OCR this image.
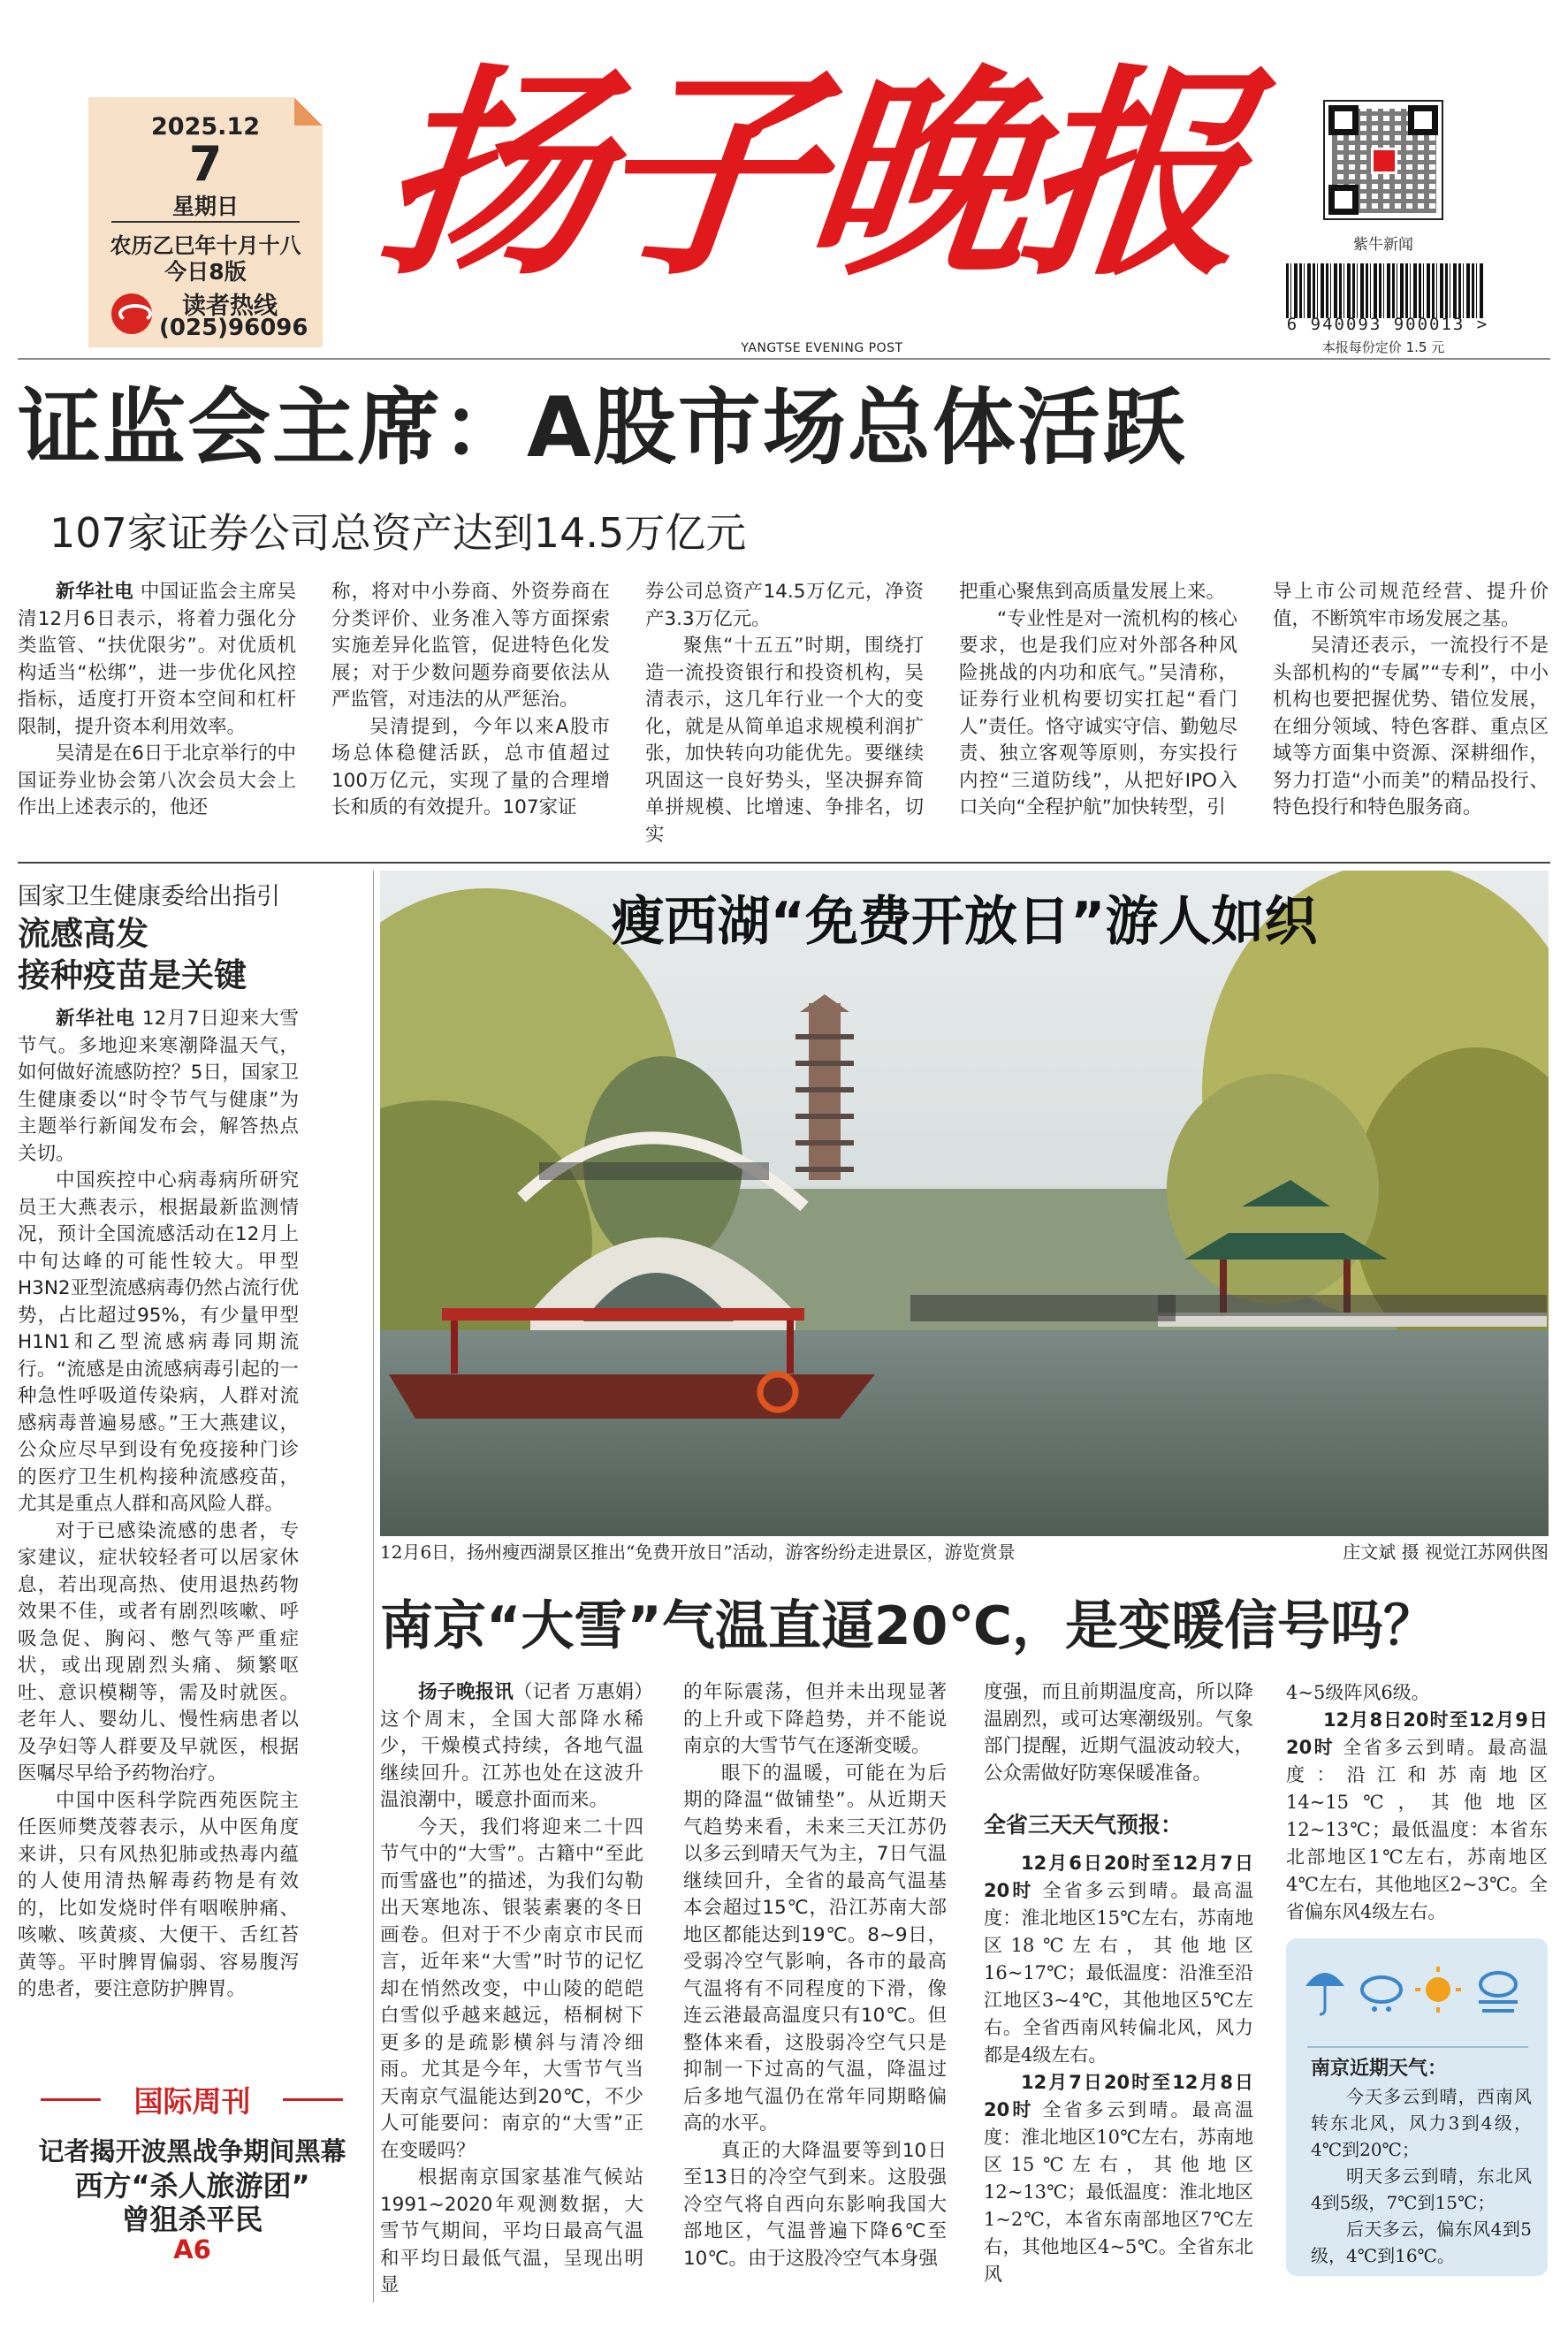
2025.12
7
星期日
农历乙巳年十月十八
今日8版
读者热线
(025)96096
扬子晚报
YANGTSE EVENING POST
紫牛新闻
6 940093 900013 >
本报每份定价 1.5 元
证监会主席：A股市场总体活跃
107家证券公司总资产达到14.5万亿元

新华社电 中国证监会主席吴清12月6日表示，将着力强化分类监管、“扶优限劣”。对优质机构适当“松绑”，进一步优化风控指标，适度打开资本空间和杠杆限制，提升资本利用效率。

吴清是在6日于北京举行的中国证券业协会第八次会员大会上作出上述表示的，他还

称，将对中小券商、外资券商在分类评价、业务准入等方面探索实施差异化监管，促进特色化发展；对于少数问题券商要依法从严监管，对违法的从严惩治。

吴清提到，今年以来A股市场总体稳健活跃，总市值超过100万亿元，实现了量的合理增长和质的有效提升。107家证

券公司总资产14.5万亿元，净资产3.3万亿元。

聚焦“十五五”时期，围绕打造一流投资银行和投资机构，吴清表示，这几年行业一个大的变化，就是从简单追求规模利润扩张，加快转向功能优先。要继续巩固这一良好势头，坚决摒弃简单拼规模、比增速、争排名，切实

把重心聚焦到高质量发展上来。

“专业性是对一流机构的核心要求，也是我们应对外部各种风险挑战的内功和底气。”吴清称，证券行业机构要切实扛起“看门人”责任。恪守诚实守信、勤勉尽责、独立客观等原则，夯实投行内控“三道防线”，从把好IPO入口关向“全程护航”加快转型，引

导上市公司规范经营、提升价值，不断筑牢市场发展之基。

吴清还表示，一流投行不是头部机构的“专属”“专利”，中小机构也要把握优势、错位发展，在细分领域、特色客群、重点区域等方面集中资源、深耕细作，努力打造“小而美”的精品投行、特色投行和特色服务商。

国家卫生健康委给出指引
流感高发
接种疫苗是关键

新华社电 12月7日迎来大雪节气。多地迎来寒潮降温天气，如何做好流感防控？5日，国家卫生健康委以“时令节气与健康”为主题举行新闻发布会，解答热点关切。

中国疾控中心病毒病所研究员王大燕表示，根据最新监测情况，预计全国流感活动在12月上中旬达峰的可能性较大。甲型H3N2亚型流感病毒仍然占流行优势，占比超过95%，有少量甲型H1N1和乙型流感病毒同期流行。“流感是由流感病毒引起的一种急性呼吸道传染病，人群对流感病毒普遍易感。”王大燕建议，公众应尽早到设有免疫接种门诊的医疗卫生机构接种流感疫苗，尤其是重点人群和高风险人群。

对于已感染流感的患者，专家建议，症状较轻者可以居家休息，若出现高热、使用退热药物效果不佳，或者有剧烈咳嗽、呼吸急促、胸闷、憋气等严重症状，或出现剧烈头痛、频繁呕吐、意识模糊等，需及时就医。老年人、婴幼儿、慢性病患者以及孕妇等人群要及早就医，根据医嘱尽早给予药物治疗。

中国中医科学院西苑医院主任医师樊茂蓉表示，从中医角度来讲，只有风热犯肺或热毒内蕴的人使用清热解毒药物是有效的，比如发烧时伴有咽喉肿痛、咳嗽、咳黄痰、大便干、舌红苔黄等。平时脾胃偏弱、容易腹泻的患者，要注意防护脾胃。

瘦西湖“免费开放日”游人如织
12月6日，扬州瘦西湖景区推出“免费开放日”活动，游客纷纷走进景区，游览赏景	庄文斌 摄 视觉江苏网供图
南京“大雪”气温直逼20℃，是变暖信号吗？

扬子晚报讯（记者 万惠娟）这个周末，全国大部降水稀少，干燥模式持续，各地气温继续回升。江苏也处在这波升温浪潮中，暖意扑面而来。

今天，我们将迎来二十四节气中的“大雪”。古籍中“至此而雪盛也”的描述，为我们勾勒出天寒地冻、银装素裹的冬日画卷。但对于不少南京市民而言，近年来“大雪”时节的记忆却在悄然改变，中山陵的皑皑白雪似乎越来越远，梧桐树下更多的是疏影横斜与清冷细雨。尤其是今年，大雪节气当天南京气温能达到20℃，不少人可能要问：南京的“大雪”正在变暖吗？

根据南京国家基准气候站1991~2020年观测数据，大雪节气期间，平均日最高气温和平均日最低气温，呈现出明显

的年际震荡，但并未出现显著的上升或下降趋势，并不能说南京的大雪节气在逐渐变暖。

眼下的温暖，可能在为后期的降温“做铺垫”。从近期天气趋势来看，未来三天江苏仍以多云到晴天气为主，7日气温继续回升，全省的最高气温基本会超过15℃，沿江苏南大部地区都能达到19℃。8~9日，受弱冷空气影响，各市的最高气温将有不同程度的下滑，像连云港最高温度只有10℃。但整体来看，这股弱冷空气只是抑制一下过高的气温，降温过后多地气温仍在常年同期略偏高的水平。

真正的大降温要等到10日至13日的冷空气到来。这股强冷空气将自西向东影响我国大部地区，气温普遍下降6℃至10℃。由于这股冷空气本身强

度强，而且前期温度高，所以降温剧烈，或可达寒潮级别。气象部门提醒，近期气温波动较大，公众需做好防寒保暖准备。

全省三天天气预报：

12月6日20时至12月7日20时 全省多云到晴。最高温度：淮北地区15℃左右，苏南地区18℃左右，其他地区16~17℃；最低温度：沿淮至沿江地区3~4℃，其他地区5℃左右。全省西南风转偏北风，风力都是4级左右。

12月7日20时至12月8日20时 全省多云到晴。最高温度：淮北地区10℃左右，苏南地区15℃左右，其他地区12~13℃；最低温度：淮北地区1~2℃，本省东南部地区7℃左右，其他地区4~5℃。全省东北风

4~5级阵风6级。

12月8日20时至12月9日20时 全省多云到晴。最高温度：沿江和苏南地区14~15℃，其他地区12~13℃；最低温度：本省东北部地区1℃左右，苏南地区4℃左右，其他地区2~3℃。全省偏东风4级左右。

南京近期天气：

今天多云到晴，西南风转东北风，风力3到4级，4℃到20℃；

明天多云到晴，东北风4到5级，7℃到15℃；

后天多云，偏东风4到5级，4℃到16℃。

国际周刊
记者揭开波黑战争期间黑幕
西方“杀人旅游团”
曾狙杀平民
A6
